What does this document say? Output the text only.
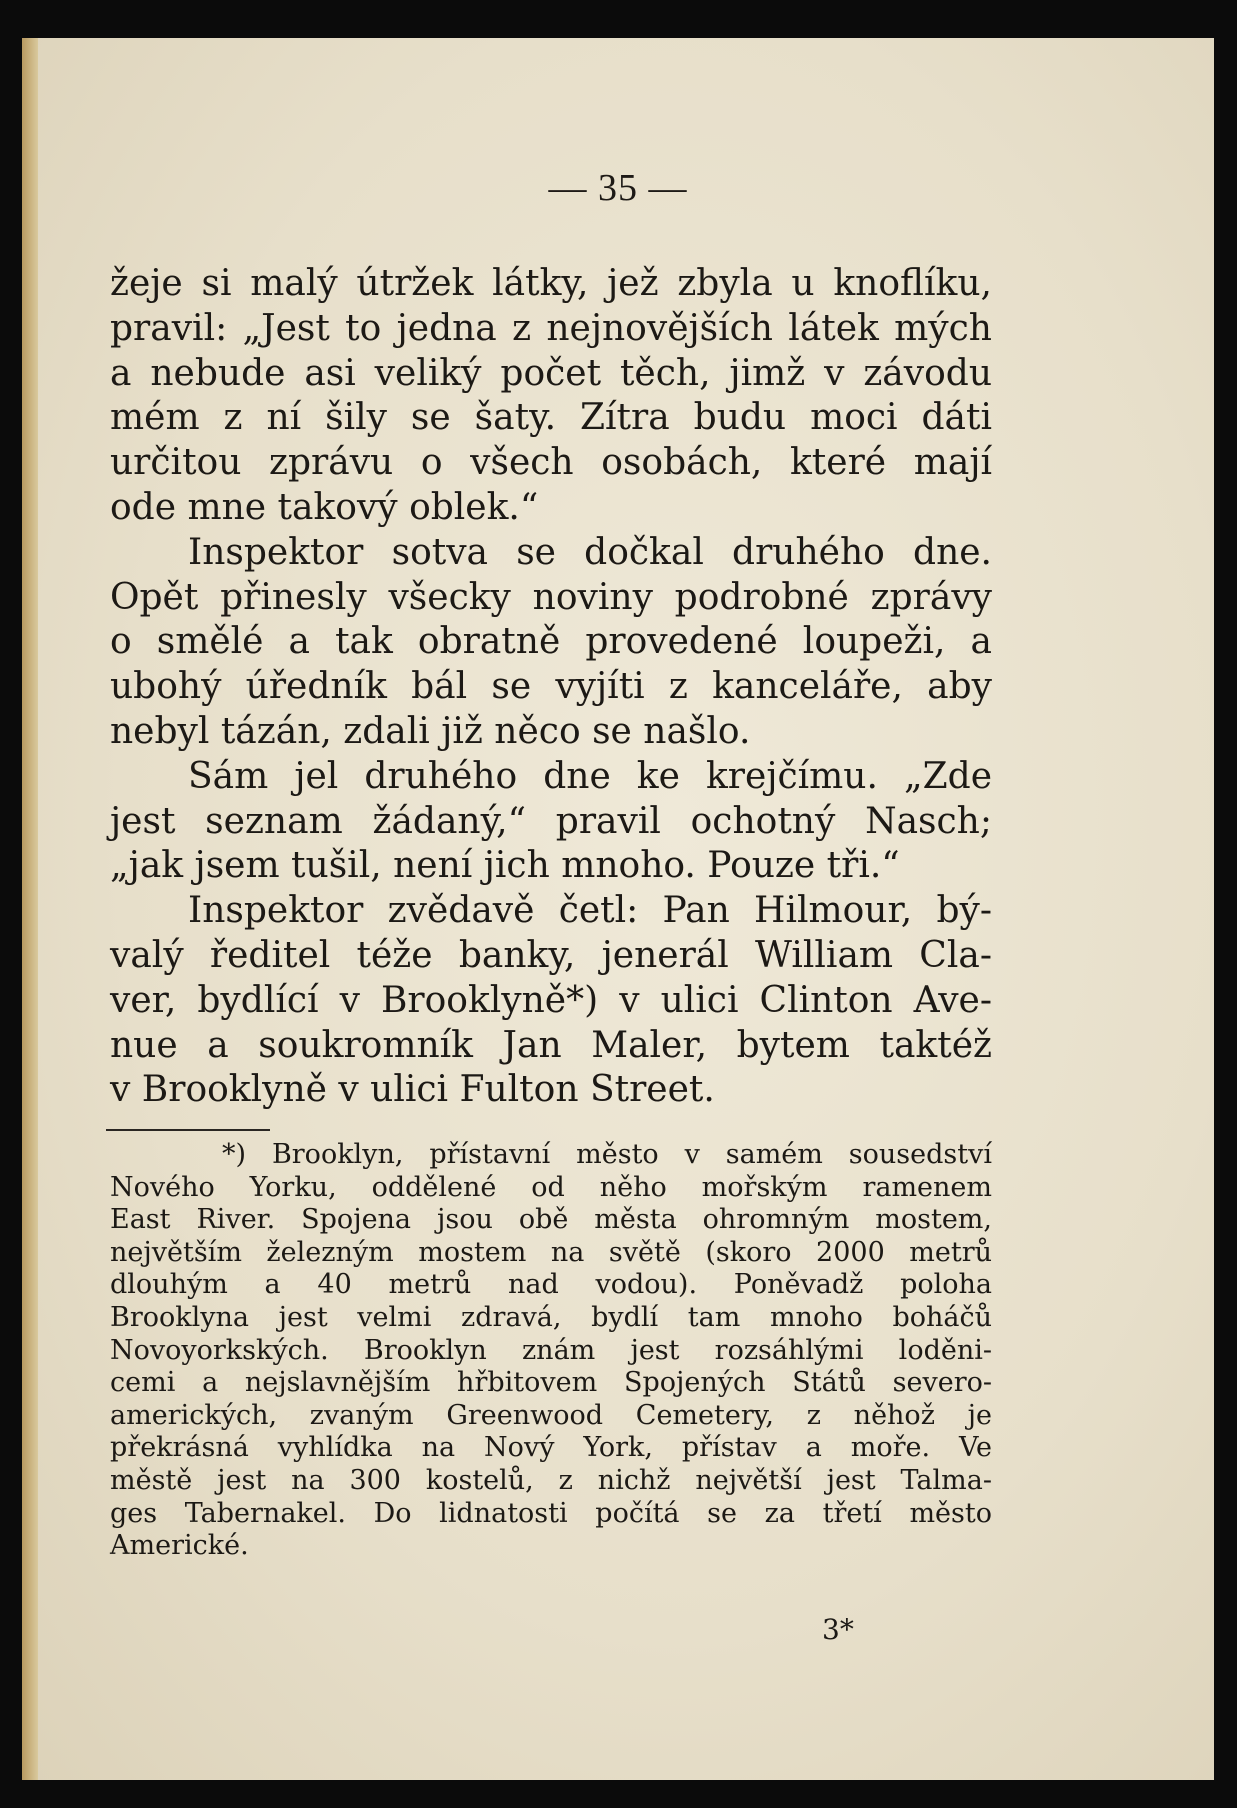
— 35 —
žeje si malý útržek látky, jež zbyla u knoflíku,
pravil: „Jest to jedna z nejnovějších látek mých
a nebude asi veliký počet těch, jimž v závodu
mém z ní šily se šaty. Zítra budu moci dáti
určitou zprávu o všech osobách, které mají
ode mne takový oblek.“
Inspektor sotva se dočkal druhého dne.
Opět přinesly všecky noviny podrobné zprávy
o smělé a tak obratně provedené loupeži, a
ubohý úředník bál se vyjíti z kanceláře, aby
nebyl tázán, zdali již něco se našlo.
Sám jel druhého dne ke krejčímu. „Zde
jest seznam žádaný,“ pravil ochotný Nasch;
„jak jsem tušil, není jich mnoho. Pouze tři.“
Inspektor zvědavě četl: Pan Hilmour, bý-
valý ředitel téže banky, jenerál William Cla-
ver, bydlící v Brooklyně*) v ulici Clinton Ave-
nue a soukromník Jan Maler, bytem taktéž
v Brooklyně v ulici Fulton Street.
*) Brooklyn, přístavní město v samém sousedství
Nového Yorku, oddělené od něho mořským ramenem
East River. Spojena jsou obě města ohromným mostem,
největším železným mostem na světě (skoro 2000 metrů
dlouhým a 40 metrů nad vodou). Poněvadž poloha
Brooklyna jest velmi zdravá, bydlí tam mnoho boháčů
Novoyorkských. Brooklyn znám jest rozsáhlými loděni-
cemi a nejslavnějším hřbitovem Spojených Států severo-
amerických, zvaným Greenwood Cemetery, z něhož je
překrásná vyhlídka na Nový York, přístav a moře. Ve
městě jest na 300 kostelů, z nichž největší jest Talma-
ges Tabernakel. Do lidnatosti počítá se za třetí město
Americké.
3*
